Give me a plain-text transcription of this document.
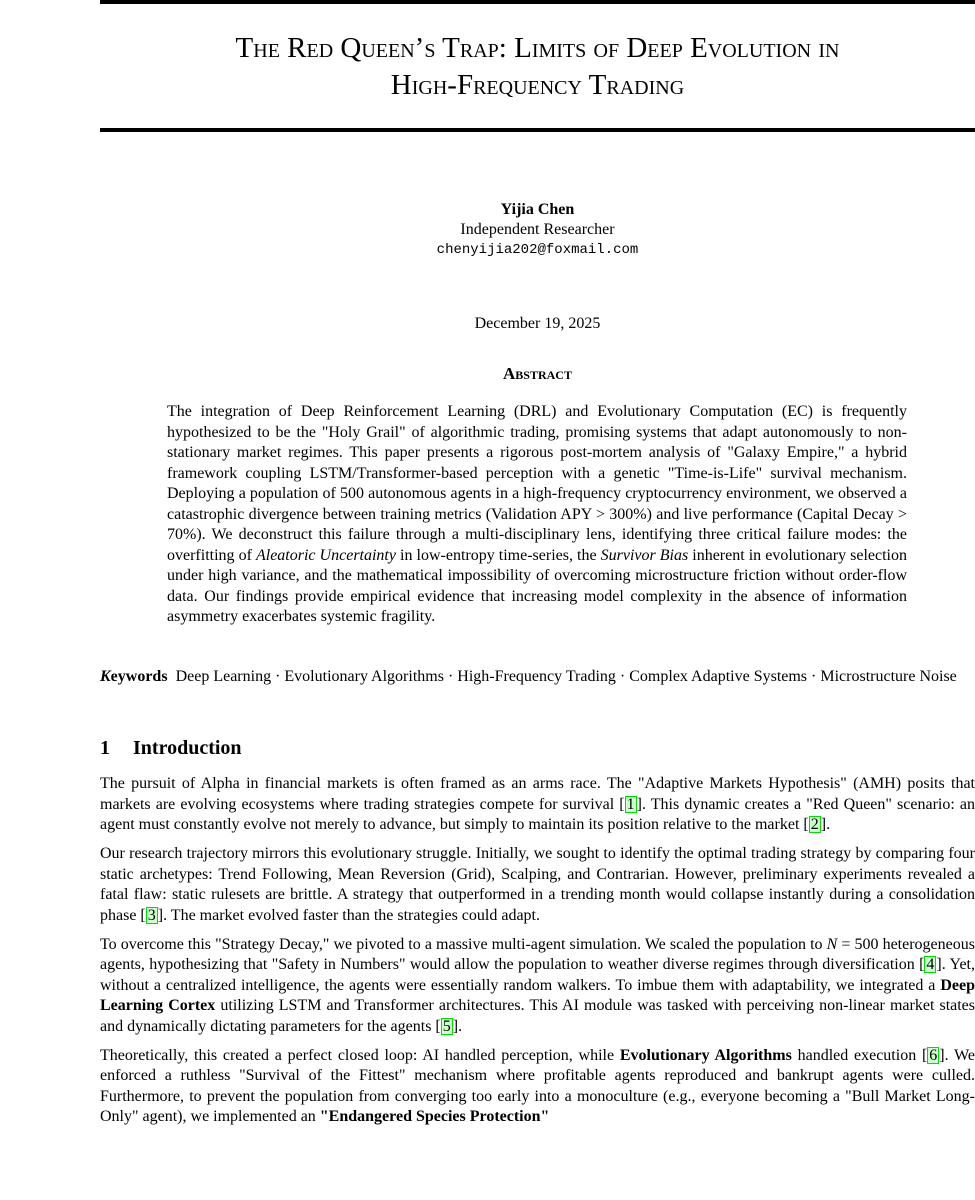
The Red Queen’s Trap: Limits of Deep Evolution in
High-Frequency Trading
Yijia Chen
Independent Researcher
chenyijia202@foxmail.com
December 19, 2025
Abstract
The integration of Deep Reinforcement Learning (DRL) and Evolutionary Computation (EC) is frequently hypothesized to be the "Holy Grail" of algorithmic trading, promising systems that adapt autonomously to non-stationary market regimes. This paper presents a rigorous post-mortem analysis of "Galaxy Empire," a hybrid framework coupling LSTM/Transformer-based perception with a genetic "Time-is-Life" survival mechanism. Deploying a population of 500 autonomous agents in a high-frequency cryptocurrency environment, we observed a catastrophic divergence between training metrics (Validation APY > 300%) and live performance (Capital Decay > 70%). We deconstruct this failure through a multi-disciplinary lens, identifying three critical failure modes: the overfitting of Aleatoric Uncertainty in low-entropy time-series, the Survivor Bias inherent in evolutionary selection under high variance, and the mathematical impossibility of overcoming microstructure friction without order-flow data. Our findings provide empirical evidence that increasing model complexity in the absence of information asymmetry exacerbates systemic fragility.
Keywords Deep Learning · Evolutionary Algorithms · High-Frequency Trading · Complex Adaptive Systems · Microstructure Noise
1 Introduction

The pursuit of Alpha in financial markets is often framed as an arms race. The "Adaptive Markets Hypothesis" (AMH) posits that markets are evolving ecosystems where trading strategies compete for survival [ 1 ]. This dynamic creates a "Red Queen" scenario: an agent must constantly evolve not merely to advance, but simply to maintain its position relative to the market [ 2 ].

Our research trajectory mirrors this evolutionary struggle. Initially, we sought to identify the optimal trading strategy by comparing four static archetypes: Trend Following, Mean Reversion (Grid), Scalping, and Contrarian. However, preliminary experiments revealed a fatal flaw: static rulesets are brittle. A strategy that outperformed in a trending month would collapse instantly during a consolidation phase [ 3 ]. The market evolved faster than the strategies could adapt.

To overcome this "Strategy Decay," we pivoted to a massive multi-agent simulation. We scaled the population to N = 500 heterogeneous agents, hypothesizing that "Safety in Numbers" would allow the population to weather diverse regimes through diversification [ 4 ]. Yet, without a centralized intelligence, the agents were essentially random walkers. To imbue them with adaptability, we integrated a Deep Learning Cortex utilizing LSTM and Transformer architectures. This AI module was tasked with perceiving non-linear market states and dynamically dictating parameters for the agents [ 5 ].

Theoretically, this created a perfect closed loop: AI handled perception, while Evolutionary Algorithms handled execution [ 6 ]. We enforced a ruthless "Survival of the Fittest" mechanism where profitable agents reproduced and bankrupt agents were culled. Furthermore, to prevent the population from converging too early into a monoculture (e.g., everyone becoming a "Bull Market Long-Only" agent), we implemented an "Endangered Species Protection"
